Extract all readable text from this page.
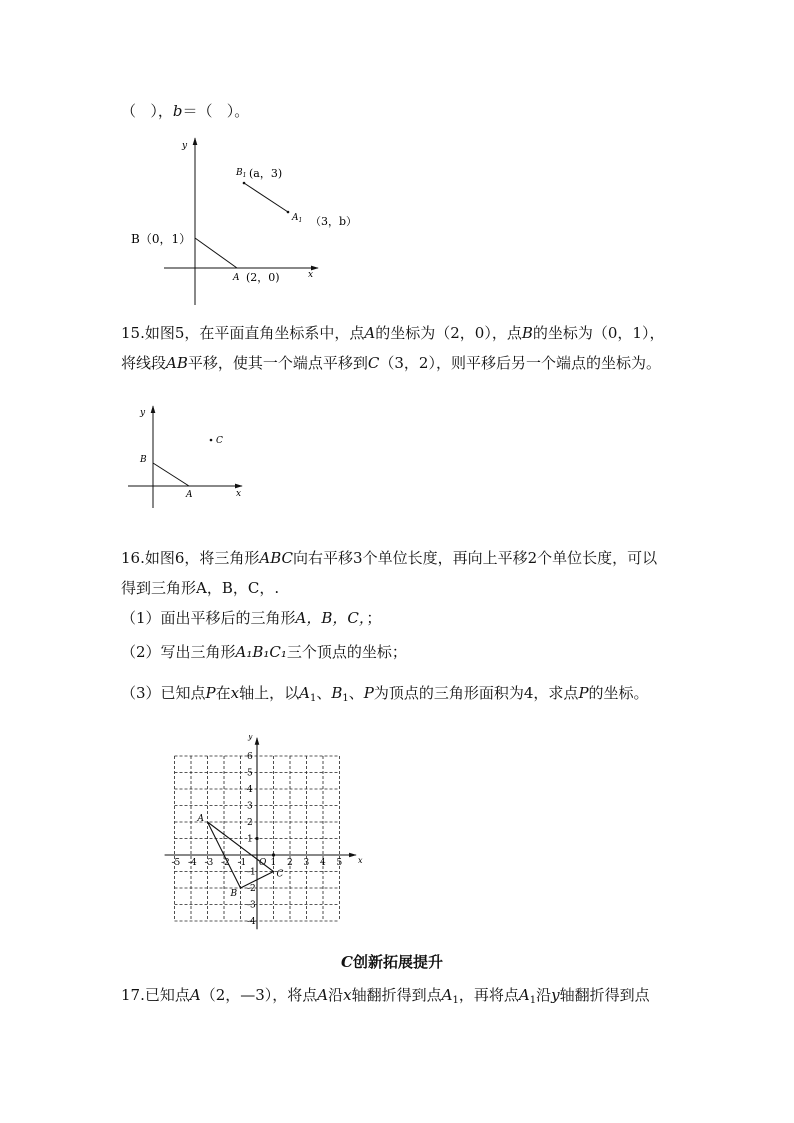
（ ），b＝（ ）。
y
x
B（0，1）
A (2，0)
$B_1$ (a，3)
$A_1$ （3，b）
15.如图5，在平面直角坐标系中，点A的坐标为（2，0），点B的坐标为（0，1），
将线段AB平移，使其一个端点平移到C（3，2），则平移后另一个端点的坐标为。
y
x
B
A
C
16.如图6，将三角形ABC向右平移3个单位长度，再向上平移2个单位长度，可以
得到三角形A，B，C，.
（1）面出平移后的三角形A，B，C，；
（2）写出三角形A₁B₁C₁三个顶点的坐标；
（3）已知点P在x轴上，以$A_1$、$B_1$、P为顶点的三角形面积为4，求点P的坐标。
y
x
-5 -4 -3 -2 -1	1 2 3 4 5
6
5
4
3
2
1
-1
-2
-3
-4
O
A
B
C
C创新拓展提升
17.已知点A（2，—3），将点A沿x轴翻折得到点$A_1$，再将点$A_1$沿y轴翻折得到点
